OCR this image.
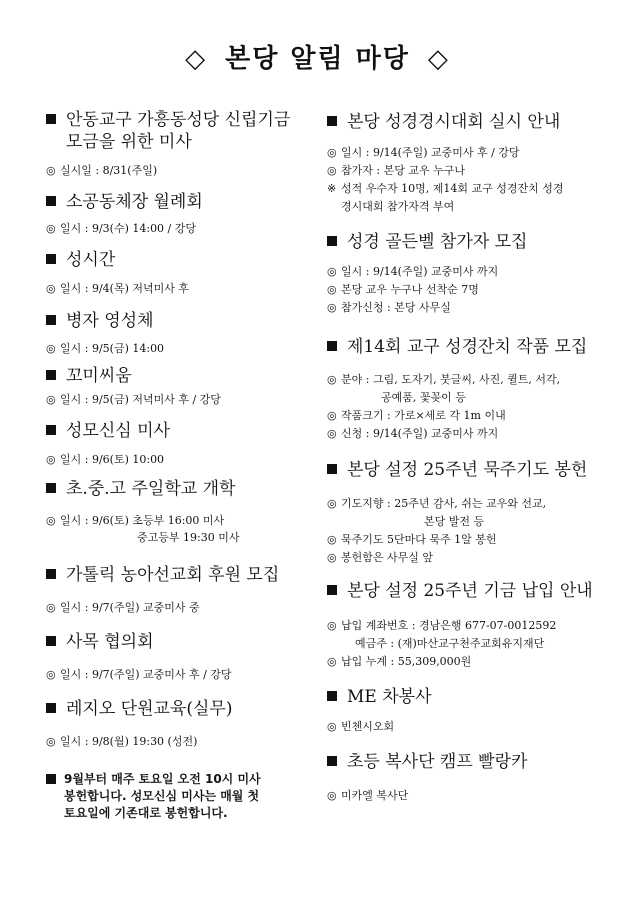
◇ 본당 알림 마당 ◇
안동교구 가흥동성당 신립기금
모금을 위한 미사
◎ 실시일 : 8/31(주일)
소공동체장 월례회
◎ 일시 : 9/3(수) 14:00 / 강당
성시간
◎ 일시 : 9/4(목) 저녁미사 후
병자 영성체
◎ 일시 : 9/5(금) 14:00
꼬미씨움
◎ 일시 : 9/5(금) 저녁미사 후 / 강당
성모신심 미사
◎ 일시 : 9/6(토) 10:00
초.중.고 주일학교 개학
◎ 일시 : 9/6(토) 초등부 16:00 미사
중고등부 19:30 미사
가톨릭 농아선교회 후원 모집
◎ 일시 : 9/7(주일) 교중미사 중
사목 협의회
◎ 일시 : 9/7(주일) 교중미사 후 / 강당
레지오 단원교육(실무)
◎ 일시 : 9/8(월) 19:30 (성전)
9월부터 매주 토요일 오전 10시 미사
봉헌합니다. 성모신심 미사는 매월 첫
토요일에 기존대로 봉헌합니다.
본당 성경경시대회 실시 안내
◎ 일시 : 9/14(주일) 교중미사 후 / 강당
◎ 참가자 : 본당 교우 누구나
※ 성적 우수자 10명, 제14회 교구 성경잔치 성경
경시대회 참가자격 부여
성경 골든벨 참가자 모집
◎ 일시 : 9/14(주일) 교중미사 까지
◎ 본당 교우 누구나 선착순 7명
◎ 참가신청 : 본당 사무실
제14회 교구 성경잔치 작품 모집
◎ 분야 : 그림, 도자기, 붓글씨, 사진, 퀼트, 서각,
공예품, 꽃꽂이 등
◎ 작품크기 : 가로×세로 각 1m 이내
◎ 신청 : 9/14(주일) 교중미사 까지
본당 설정 25주년 묵주기도 봉헌
◎ 기도지향 : 25주년 감사, 쉬는 교우와 선교,
본당 발전 등
◎ 묵주기도 5단마다 묵주 1알 봉헌
◎ 봉헌함은 사무실 앞
본당 설정 25주년 기금 납입 안내
◎ 납입 계좌번호 : 경남은행 677-07-0012592
예금주 : (재)마산교구천주교회유지재단
◎ 납입 누계 : 55,309,000원
ME 차봉사
◎ 빈첸시오회
초등 복사단 캠프 빨랑카
◎ 미카엘 복사단
